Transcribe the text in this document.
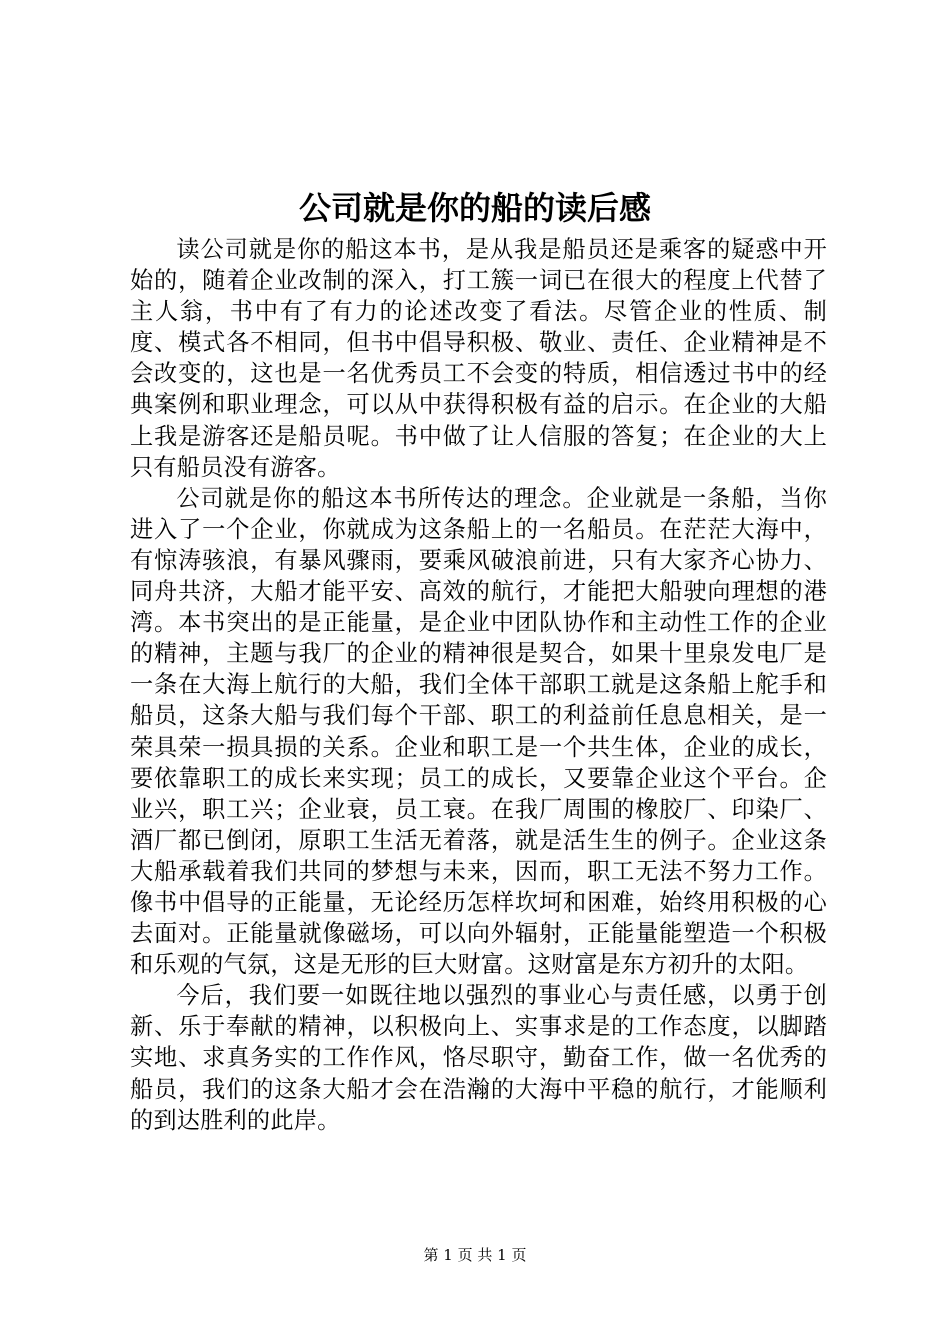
公司就是你的船的读后感

读公司就是你的船这本书，是从我是船员还是乘客的疑惑中开始的，随着企业改制的深入，打工簇一词已在很大的程度上代替了主人翁，书中有了有力的论述改变了看法。尽管企业的性质、制度、模式各不相同，但书中倡导积极、敬业、责任、企业精神是不会改变的，这也是一名优秀员工不会变的特质，相信透过书中的经典案例和职业理念，可以从中获得积极有益的启示。在企业的大船上我是游客还是船员呢。书中做了让人信服的答复；在企业的大上只有船员没有游客。

公司就是你的船这本书所传达的理念。企业就是一条船，当你进入了一个企业，你就成为这条船上的一名船员。在茫茫大海中，有惊涛骇浪，有暴风骤雨，要乘风破浪前进，只有大家齐心协力、同舟共济，大船才能平安、高效的航行，才能把大船驶向理想的港湾。本书突出的是正能量，是企业中团队协作和主动性工作的企业的精神，主题与我厂的企业的精神很是契合，如果十里泉发电厂是一条在大海上航行的大船，我们全体干部职工就是这条船上舵手和船员，这条大船与我们每个干部、职工的利益前任息息相关，是一荣具荣一损具损的关系。企业和职工是一个共生体，企业的成长，要依靠职工的成长来实现；员工的成长，又要靠企业这个平台。企业兴，职工兴；企业衰，员工衰。在我厂周围的橡胶厂、印染厂、酒厂都已倒闭，原职工生活无着落，就是活生生的例子。企业这条大船承载着我们共同的梦想与未来，因而，职工无法不努力工作。像书中倡导的正能量，无论经历怎样坎坷和困难，始终用积极的心去面对。正能量就像磁场，可以向外辐射，正能量能塑造一个积极和乐观的气氛，这是无形的巨大财富。这财富是东方初升的太阳。

今后，我们要一如既往地以强烈的事业心与责任感，以勇于创新、乐于奉献的精神，以积极向上、实事求是的工作态度，以脚踏实地、求真务实的工作作风，恪尽职守，勤奋工作，做一名优秀的船员，我们的这条大船才会在浩瀚的大海中平稳的航行，才能顺利的到达胜利的此岸。

第 1 页 共 1 页
